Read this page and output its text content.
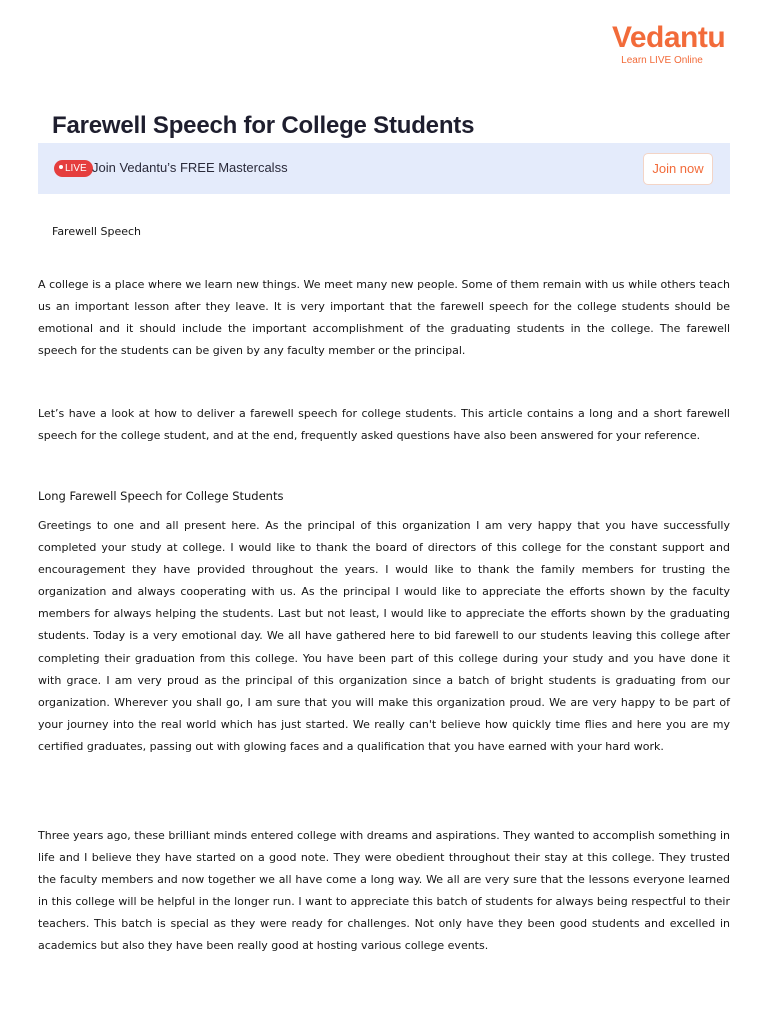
Vedantu
Learn LIVE Online
Farewell Speech for College Students
LIVE Join Vedantu’s FREE Mastercalss	Join now

Farewell Speech

A college is a place where we learn new things. We meet many new people. Some of them remain with us while others teach us an important lesson after they leave. It is very important that the farewell speech for the college students should be emotional and it should include the important accomplishment of the graduating students in the college. The farewell speech for the students can be given by any faculty member or the principal.

Let’s have a look at how to deliver a farewell speech for college students. This article contains a long and a short farewell speech for the college student, and at the end, frequently asked questions have also been answered for your reference.

Long Farewell Speech for College Students

Greetings to one and all present here. As the principal of this organization I am very happy that you have successfully completed your study at college. I would like to thank the board of directors of this college for the constant support and encouragement they have provided throughout the years. I would like to thank the family members for trusting the organization and always cooperating with us. As the principal I would like to appreciate the efforts shown by the faculty members for always helping the students. Last but not least, I would like to appreciate the efforts shown by the graduating students. Today is a very emotional day. We all have gathered here to bid farewell to our students leaving this college after completing their graduation from this college. You have been part of this college during your study and you have done it with grace. I am very proud as the principal of this organization since a batch of bright students is graduating from our organization. Wherever you shall go, I am sure that you will make this organization proud. We are very happy to be part of your journey into the real world which has just started. We really can't believe how quickly time flies and here you are my certified graduates, passing out with glowing faces and a qualification that you have earned with your hard work.

Three years ago, these brilliant minds entered college with dreams and aspirations. They wanted to accomplish something in life and I believe they have started on a good note. They were obedient throughout their stay at this college. They trusted the faculty members and now together we all have come a long way. We all are very sure that the lessons everyone learned in this college will be helpful in the longer run. I want to appreciate this batch of students for always being respectful to their teachers. This batch is special as they were ready for challenges. Not only have they been good students and excelled in academics but also they have been really good at hosting various college events.
